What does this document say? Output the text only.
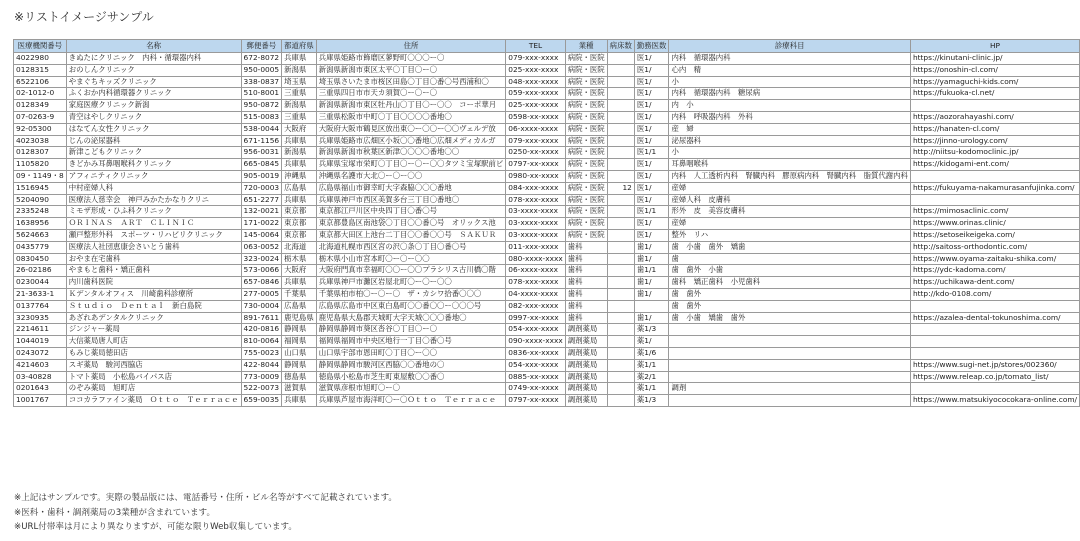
※リストイメージサンプル
医療機関番号	名称	郵便番号	都道府県	住所	TEL	業種	病床数	勤務医数	診療科目	HP
4022980	きぬたにクリニック　内科・循環器内科	672-8072	兵庫県	兵庫県姫路市飾磨区蓼野町〇〇〇ー〇	079-xxx-xxxx	病院・医院		医1/	内科　循環器内科	https://kinutani-clinic.jp/
0128315	おのしんクリニック	950-0005	新潟県	新潟県新潟市東区太平〇丁目〇ー〇	025-xxx-xxxx	病院・医院		医1/	心内　精	https://onoshin-cl.com/
6522106	やまぐちキッズクリニック	338-0837	埼玉県	埼玉県さいたま市桜区田島〇丁目〇番〇号西浦和〇	048-xxx-xxxx	病院・医院		医1/	小	https://yamaguchi-kids.com/
02-1012-0	ふくおか内科循環器クリニック	510-8001	三重県	三重県四日市市天カ須賀〇ー〇ー〇	059-xxx-xxxx	病院・医院		医1/	内科　循環器内科　糖尿病	https://fukuoka-cl.net/
0128349	家庭医療クリニック新潟	950-0872	新潟県	新潟県新潟市東区牡丹山〇丁目〇ー〇〇　コーポ華月	025-xxx-xxxx	病院・医院		医1/	内　小	
07-0263-9	青空はやしクリニック	515-0083	三重県	三重県松阪市中町〇丁目〇〇〇〇番地〇	0598-xx-xxxx	病院・医院		医1/	内科　呼吸器内科　外科	https://aozorahayashi.com/
92-05300	はなてん女性クリニック	538-0044	大阪府	大阪府大阪市鶴見区放出東〇ー〇〇ー〇〇ヴェルデ放	06-xxxx-xxxx	病院・医院		医1/	産　婦	https://hanaten-cl.com/
4023038	じんの泌尿器科	671-1156	兵庫県	兵庫県姫路市広畑区小坂〇〇番地〇広畑メディカルガ	079-xxx-xxxx	病院・医院		医1/	泌尿器科	https://jinno-urology.com/
0128307	新津こどもクリニック	956-0031	新潟県	新潟県新潟市秋葉区新津〇〇〇〇番地〇〇	0250-xx-xxxx	病院・医院		医1/1	小	http://niitsu-kodomoclinic.jp/
1105820	きどかみ耳鼻咽喉科クリニック	665-0845	兵庫県	兵庫県宝塚市栄町〇丁目〇ー〇ー〇〇タツミ宝塚駅前ビ	0797-xx-xxxx	病院・医院		医1/	耳鼻咽喉科	https://kidogami-ent.com/
09・1149・8	アフィニティクリニック	905-0019	沖縄県	沖縄県名護市大北〇ー〇ー〇〇	0980-xx-xxxx	病院・医院		医1/	内科　人工透析内科　腎臓内科　膠原病内科　腎臓内科　脂質代謝内科	
1516945	中村産婦人科	720-0003	広島県	広島県福山市御幸町大字森脇〇〇〇番地	084-xxx-xxxx	病院・医院	12	医1/	産婦	https://fukuyama-nakamurasanfujinka.com/
5204090	医療法人慈幸会　神戸みかたかなりクリニ	651-2277	兵庫県	兵庫県神戸市西区美賀多台三丁目〇番地〇	078-xxx-xxxx	病院・医院		医1/	産婦人科　皮膚科	
2335248	ミモザ形成・ひふ科クリニック	132-0021	東京都	東京都江戸川区中央四丁目〇番〇号	03-xxxx-xxxx	病院・医院		医1/1	形外　皮　美容皮膚科	https://mimosaclinic.com/
1638956	ＯＲＩＮＡＳ　ＡＲＴ　ＣＬＩＮＩＣ	171-0022	東京都	東京都豊島区南池袋〇丁目〇〇番〇号　オリックス池	03-xxxx-xxxx	病院・医院		医1/	産婦	https://www.orinas.clinic/
5624663	瀬戸整形外科　スポーツ・リハビリクリニック	145-0064	東京都	東京都大田区上池台二丁目〇〇番〇〇号　ＳＡＫＵＲ	03-xxxx-xxxx	病院・医院		医1/	整外　リハ	https://setoseikeigeka.com/
0435779	医療法人社団恵康会さいとう歯科	063-0052	北海道	北海道札幌市西区宮の沢〇条〇丁目〇番〇号	011-xxx-xxxx	歯科		歯1/	歯　小歯　歯外　矯歯	http://saitoss-orthodontic.com/
0830450	おやま在宅歯科	323-0024	栃木県	栃木県小山市宮本町〇ー〇ー〇〇	080-xxxx-xxxx	歯科		歯1/	歯	https://www.oyama-zaitaku-shika.com/
26-02186	やまもと歯科・矯正歯科	573-0066	大阪府	大阪府門真市幸福町〇〇ー〇〇プラシリス古川橋〇階	06-xxxx-xxxx	歯科		歯1/1	歯　歯外　小歯	https://ydc-kadoma.com/
0230044	内川歯科医院	657-0846	兵庫県	兵庫県神戸市灘区岩屋北町〇ー〇ー〇〇	078-xxx-xxxx	歯科		歯1/	歯科　矯正歯科　小児歯科	https://uchikawa-dent.com/
21-3633-1	Ｋデンタルオフィス　川崎歯科診療所	277-0005	千葉県	千葉県柏市柏〇ー〇ー〇　ザ・カシワ拾番〇〇〇	04-xxxx-xxxx	歯科		歯1/	歯　歯外	http://kdo-0108.com/
0137764	Ｓｔｕｄｉｏ　Ｄｅｎｔａｌ　新白島院	730-0004	広島県	広島県広島市中区東白島町〇〇番〇〇ー〇〇〇号	082-xxx-xxxx	歯科			歯　歯外	
3230935	あざれあデンタルクリニック	891-7611	鹿児島県	鹿児島県大島郡天城町大字天城〇〇〇番地〇	0997-xx-xxxx	歯科		歯1/	歯　小歯　矯歯　歯外	https://azalea-dental-tokunoshima.com/
2214611	ジンジャー薬局	420-0816	静岡県	静岡県静岡市葵区沓谷〇丁目〇ー〇	054-xxx-xxxx	調剤薬局		薬1/3		
1044019	大信薬局唐人町店	810-0064	福岡県	福岡県福岡市中央区地行一丁目〇番〇号	090-xxxx-xxxx	調剤薬局		薬1/		
0243072	もみじ薬局徳田店	755-0023	山口県	山口県宇部市恩田町〇丁目〇ー〇〇	0836-xx-xxxx	調剤薬局		薬1/6		
4214603	スギ薬局　駿河西脇店	422-8044	静岡県	静岡県静岡市駿河区西脇〇〇番地の〇	054-xxx-xxxx	調剤薬局		薬1/1		https://www.sugi-net.jp/stores/002360/
03-40828	トマト薬局　小松島バイパス店	773-0009	徳島県	徳島県小松島市芝生町東屋敷〇〇番〇	0885-xx-xxxx	調剤薬局		薬2/1		https://www.releap.co.jp/tomato_list/
0201643	のぞみ薬局　旭町店	522-0073	滋賀県	滋賀県彦根市旭町〇ー〇	0749-xx-xxxx	調剤薬局		薬1/1	調剤	
1001767	ココカラファイン薬局　Ｏｔｔｏ　Ｔｅｒｒａｃｅ	659-0035	兵庫県	兵庫県芦屋市海洋町〇ー〇Ｏｔｔｏ　Ｔｅｒｒａｃｅ	0797-xx-xxxx	調剤薬局		薬1/3		https://www.matsukiyococokara-online.com/
※上記はサンプルです。実際の製品版には、電話番号・住所・ビル名等がすべて記載されています。
※医科・歯科・調剤薬局の3業種が含まれています。
※URL付帯率は月により異なりますが、可能な限りWeb収集しています。
